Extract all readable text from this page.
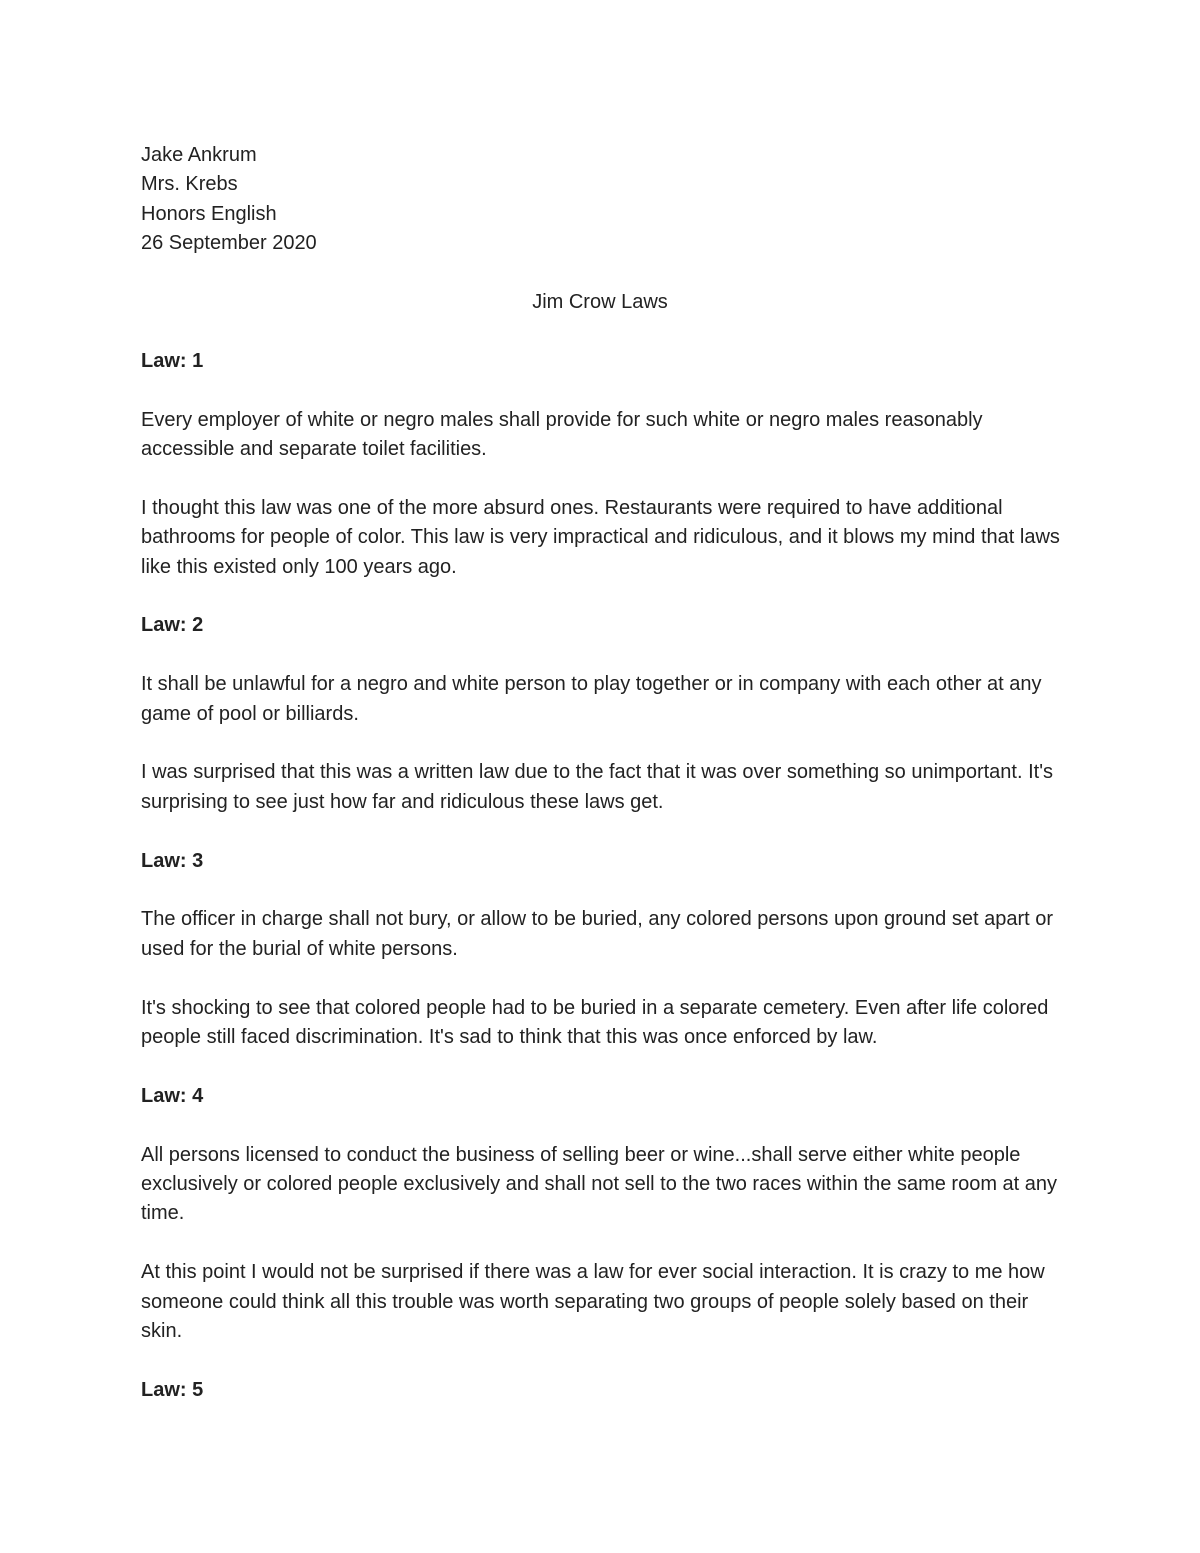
Jake Ankrum
Mrs. Krebs
Honors English
26 September 2020
Jim Crow Laws

Law: 1

Every employer of white or negro males shall provide for such white or negro males reasonably accessible and separate toilet facilities.

I thought this law was one of the more absurd ones. Restaurants were required to have additional bathrooms for people of color. This law is very impractical and ridiculous, and it blows my mind that laws like this existed only 100 years ago.

Law: 2

It shall be unlawful for a negro and white person to play together or in company with each other at any game of pool or billiards.

I was surprised that this was a written law due to the fact that it was over something so unimportant. It's surprising to see just how far and ridiculous these laws get.

Law: 3

The officer in charge shall not bury, or allow to be buried, any colored persons upon ground set apart or used for the burial of white persons.

It's shocking to see that colored people had to be buried in a separate cemetery. Even after life colored people still faced discrimination. It's sad to think that this was once enforced by law.

Law: 4

All persons licensed to conduct the business of selling beer or wine...shall serve either white people exclusively or colored people exclusively and shall not sell to the two races within the same room at any time.

At this point I would not be surprised if there was a law for ever social interaction. It is crazy to me how someone could think all this trouble was worth separating two groups of people solely based on their skin.

Law: 5
